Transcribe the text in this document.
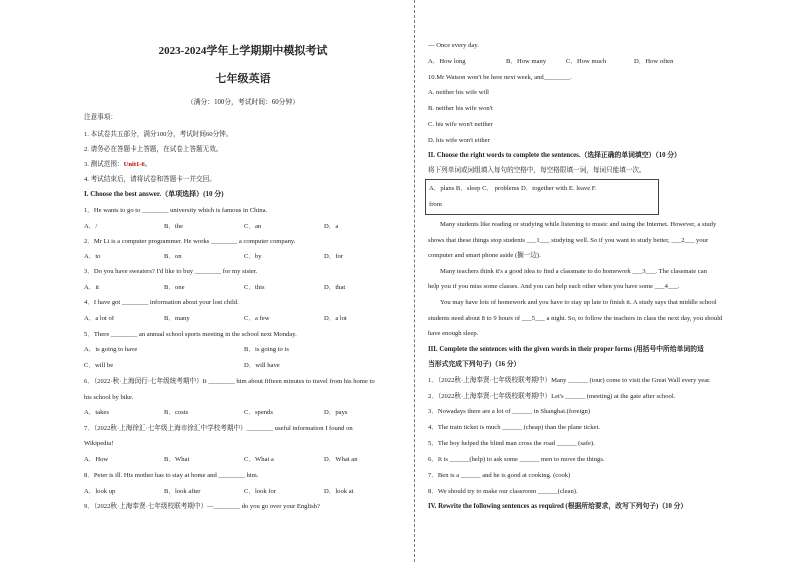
2023-2024学年上学期期中模拟考试
七年级英语
（满分：100分，考试时间：60分钟）
注意事项：
1. 本试卷共五部分，满分100分，考试时间60分钟。
2. 请务必在答题卡上答题，在试卷上答题无效。
3. 测试范围：Unit1-6。
4. 考试结束后，请将试卷和答题卡一并交回。
I. Choose the best answer.（单项选择）(10 分)
1．He wants to go to ________ university which is famous in China.
A．/	B．the	C．an	D．a
2．Mr Li is a computer programmer. He works ________ a computer company.
A．to	B．on	C．by	D．for
3．Do you have sweaters? I'd like to buy ________ for my sister.
A．it	B．one	C．this	D．that
4．I have got ________ information about your lost child.
A．a lot of	B．many	C．a few	D．a lot
5．There ________ an annual school sports meeting in the school next Monday.
A．is going to have	B．is going to is
C．will be	D．will have
6．（2022·秋·上海闵行·七年级统考期中）It ________ him about fifteen minutes to travel from his home to
his school by bike.
A．takes	B．costs	C．spends	D．pays
7．（2022秋·上海徐汇·七年级上海市徐汇中学校考期中）________ useful information I found on
Wikipedia!
A．How	B．What	C．What a	D．What an
8．Peter is ill. His mother has to stay at home and ________ him.
A．look up	B．look after	C．look for	D．look at
9．（2022秋·上海奉贤·七年级校联考期中）—________ do you go over your English?
— Once every day.
A．How long	B．How many	C．How much	D．How often
10.Mr Watson won't be here next week, and________.
A. neither his wife will
B. neither his wife won't
C. his wife won't neither
D. his wife won't either
II. Choose the right words to complete the sentences.（选择正确的单词填空）（10 分）
将下列单词或词组填入每句的空格中，每空格限填一词，每词只能填一次。
A．plans B．sleep C． problems D．together with E. leave F.
from
Many students like reading or studying while listening to music and using the Internet. However, a study
shows that these things stop students ___1___ studying well. So if you want to study better, ___2___ your
computer and smart phone aside (搁一边).
Many teachers think it's a good idea to find a classmate to do homework ___3___. The classmate can
help you if you miss some classes. And you can help each other when you have some ___4___.
You may have lots of homework and you have to stay up late to finish it. A study says that middle school
students need about 8 to 9 hours of ___5___ a night. So, to follow the teachers in class the next day, you should
have enough sleep.
III. Complete the sentences with the given words in their proper forms (用括号中所给单词的适
当形式完成下列句子)（16 分）
1．（2022秋·上海奉贤·七年级校联考期中）Many ______ (tour) come to visit the Great Wall every year.
2．（2022秋·上海奉贤·七年级校联考期中）Let's ______ (meeting) at the gate after school.
3．Nowadays there are a lot of ______ in Shanghai.(foreign)
4．The train ticket is much ______ (cheap) than the plane ticket.
5．The boy helped the blind man cross the road ______ (safe).
6．It is ______(help) to ask some ______ men to move the things.
7．Ben is a ______ and he is good at cooking. (cook)
8．We should try to make our classroom ______(clean).
IV. Rewrite the following sentences as required (根据所给要求，改写下列句子)（10 分）
